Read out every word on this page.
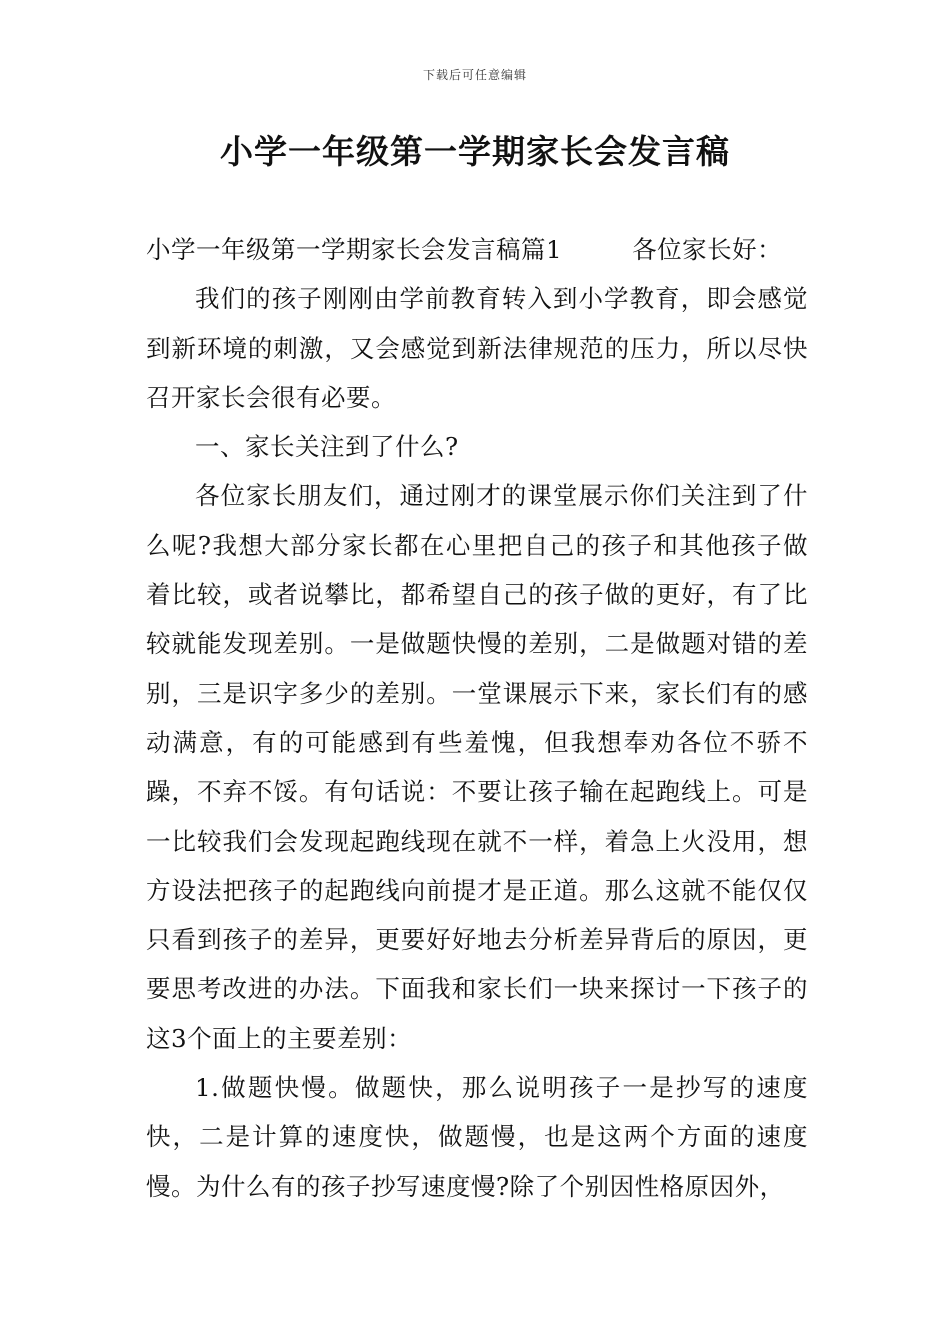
下载后可任意编辑
小学一年级第一学期家长会发言稿

小学一年级第一学期家长会发言稿篇1	各位家长好：

我们的孩子刚刚由学前教育转入到小学教育，即会感觉到新环境的刺激，又会感觉到新法律规范的压力，所以尽快召开家长会很有必要。

一、家长关注到了什么?

各位家长朋友们，通过刚才的课堂展示你们关注到了什么呢?我想大部分家长都在心里把自己的孩子和其他孩子做着比较，或者说攀比，都希望自己的孩子做的更好，有了比较就能发现差别。一是做题快慢的差别，二是做题对错的差别，三是识字多少的差别。一堂课展示下来，家长们有的感动满意，有的可能感到有些羞愧，但我想奉劝各位不骄不躁，不弃不馁。有句话说：不要让孩子输在起跑线上。可是一比较我们会发现起跑线现在就不一样，着急上火没用，想方设法把孩子的起跑线向前提才是正道。那么这就不能仅仅只看到孩子的差异，更要好好地去分析差异背后的原因，更要思考改进的办法。下面我和家长们一块来探讨一下孩子的这3个面上的主要差别：

1.做题快慢。做题快，那么说明孩子一是抄写的速度快，二是计算的速度快，做题慢，也是这两个方面的速度慢。为什么有的孩子抄写速度慢?除了个别因性格原因外，
